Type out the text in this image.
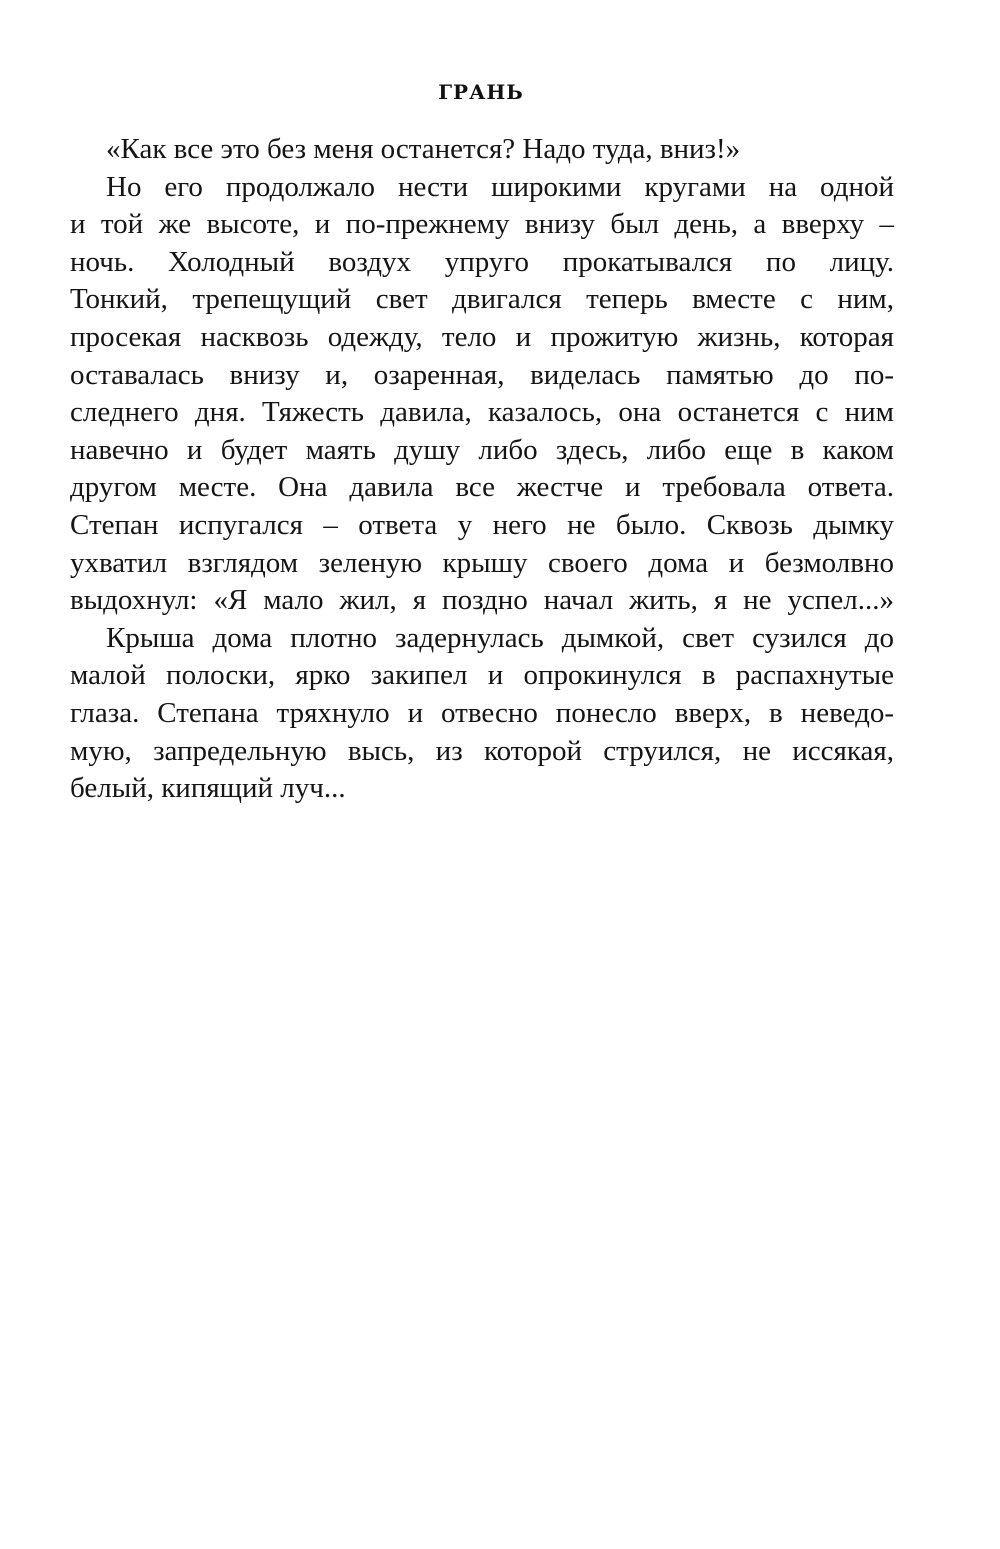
ГРАНЬ
«Как все это без меня останется? Надо туда, вниз!»
Но его продолжало нести широкими кругами на одной
и той же высоте, и по-прежнему внизу был день, а вверху –
ночь. Холодный воздух упруго прокатывался по лицу.
Тонкий, трепещущий свет двигался теперь вместе с ним,
просекая насквозь одежду, тело и прожитую жизнь, которая
оставалась внизу и, озаренная, виделась памятью до по-
следнего дня. Тяжесть давила, казалось, она останется с ним
навечно и будет маять душу либо здесь, либо еще в каком
другом месте. Она давила все жестче и требовала ответа.
Степан испугался – ответа у него не было. Сквозь дымку
ухватил взглядом зеленую крышу своего дома и безмолвно
выдохнул: «Я мало жил, я поздно начал жить, я не успел...»
Крыша дома плотно задернулась дымкой, свет сузился до
малой полоски, ярко закипел и опрокинулся в распахнутые
глаза. Степана тряхнуло и отвесно понесло вверх, в неведо-
мую, запредельную высь, из которой струился, не иссякая,
белый, кипящий луч...
